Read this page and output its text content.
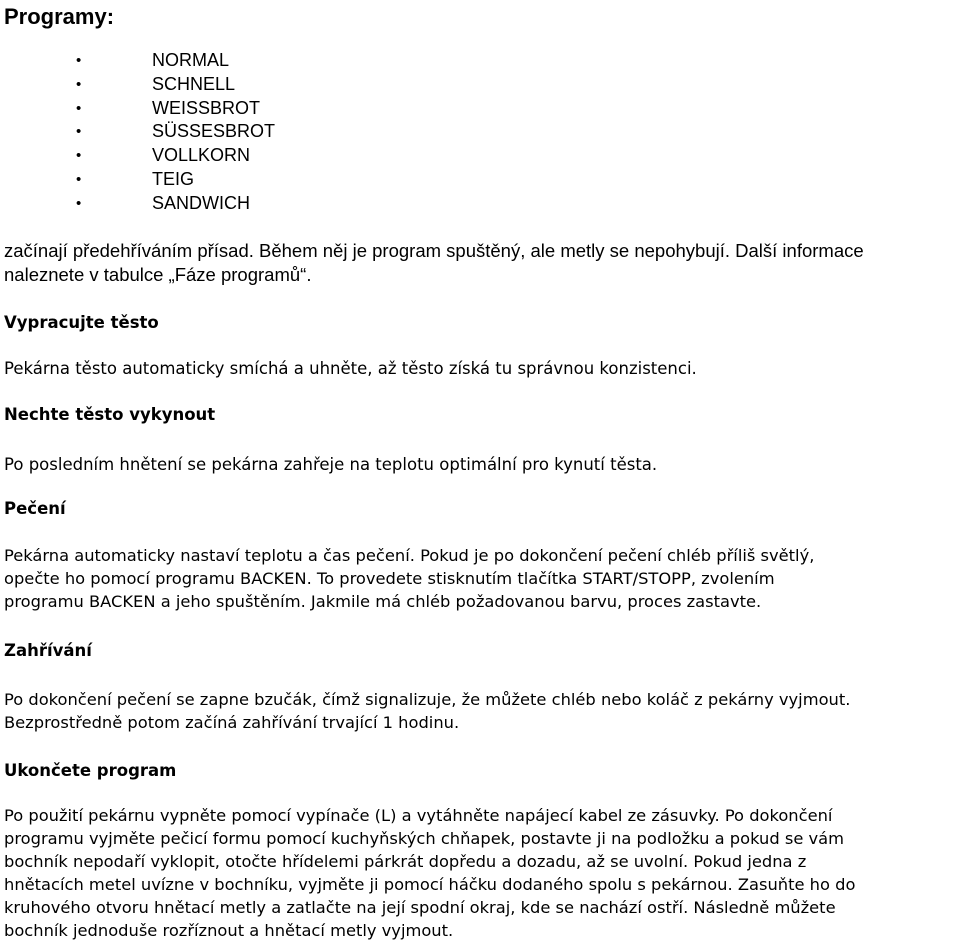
Programy:
•	NORMAL
•	SCHNELL
•	WEISSBROT
•	SÜSSESBROT
•	VOLLKORN
•	TEIG
•	SANDWICH
začínají předehříváním přísad. Během něj je program spuštěný, ale metly se nepohybují. Další informace
naleznete v tabulce „Fáze programů“.
Vypracujte těsto
Pekárna těsto automaticky smíchá a uhněte, až těsto získá tu správnou konzistenci.
Nechte těsto vykynout
Po posledním hnětení se pekárna zahřeje na teplotu optimální pro kynutí těsta.
Pečení
Pekárna automaticky nastaví teplotu a čas pečení. Pokud je po dokončení pečení chléb příliš světlý,
opečte ho pomocí programu BACKEN. To provedete stisknutím tlačítka START/STOPP, zvolením
programu BACKEN a jeho spuštěním. Jakmile má chléb požadovanou barvu, proces zastavte.
Zahřívání
Po dokončení pečení se zapne bzučák, čímž signalizuje, že můžete chléb nebo koláč z pekárny vyjmout.
Bezprostředně potom začíná zahřívání trvající 1 hodinu.
Ukončete program
Po použití pekárnu vypněte pomocí vypínače (L) a vytáhněte napájecí kabel ze zásuvky. Po dokončení
programu vyjměte pečicí formu pomocí kuchyňských chňapek, postavte ji na podložku a pokud se vám
bochník nepodaří vyklopit, otočte hřídelemi párkrát dopředu a dozadu, až se uvolní. Pokud jedna z
hnětacích metel uvízne v bochníku, vyjměte ji pomocí háčku dodaného spolu s pekárnou. Zasuňte ho do
kruhového otvoru hnětací metly a zatlačte na její spodní okraj, kde se nachází ostří. Následně můžete
bochník jednoduše rozříznout a hnětací metly vyjmout.
